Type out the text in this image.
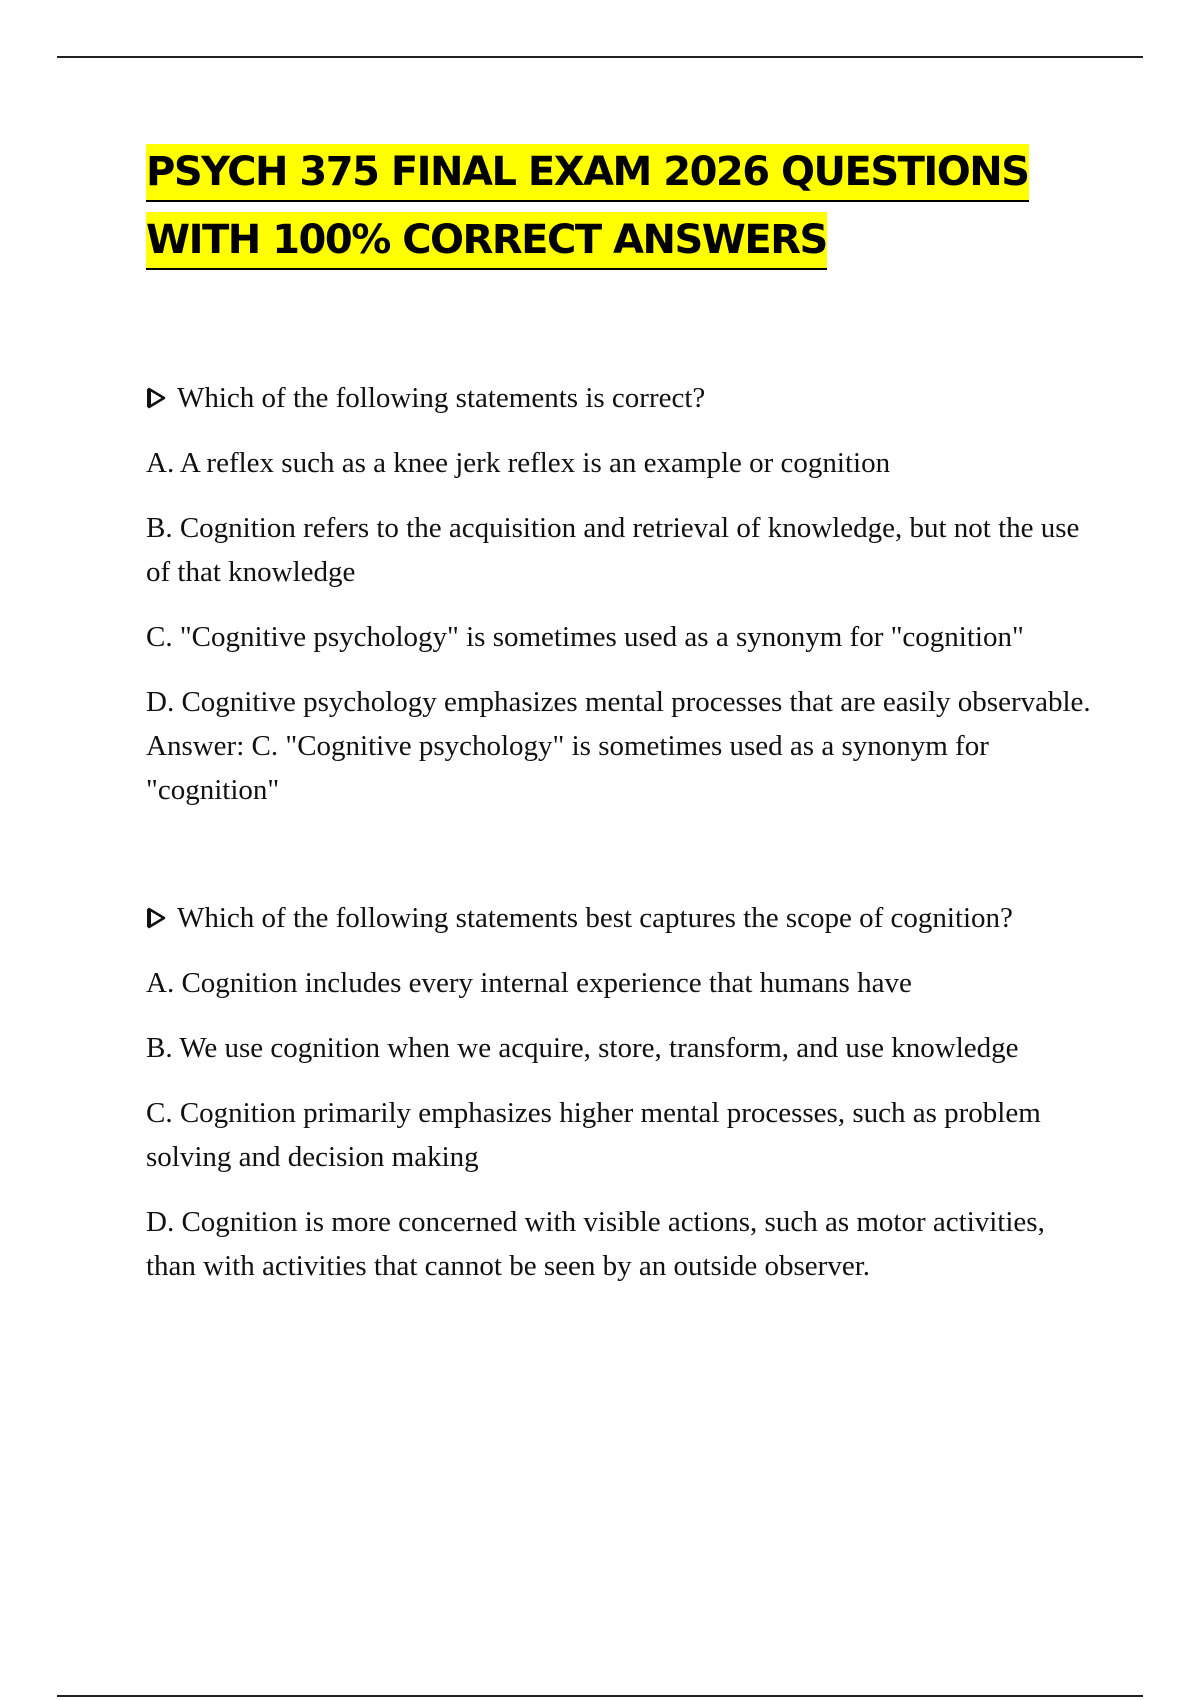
PSYCH 375 FINAL EXAM 2026 QUESTIONS
WITH 100% CORRECT ANSWERS

Which of the following statements is correct?

A. A reflex such as a knee jerk reflex is an example or cognition

B. Cognition refers to the acquisition and retrieval of knowledge, but not the use of that knowledge

C. "Cognitive psychology" is sometimes used as a synonym for "cognition"

D. Cognitive psychology emphasizes mental processes that are easily observable. Answer: C. "Cognitive psychology" is sometimes used as a synonym for "cognition"

Which of the following statements best captures the scope of cognition?

A. Cognition includes every internal experience that humans have

B. We use cognition when we acquire, store, transform, and use knowledge

C. Cognition primarily emphasizes higher mental processes, such as problem solving and decision making

D. Cognition is more concerned with visible actions, such as motor activities, than with activities that cannot be seen by an outside observer.
